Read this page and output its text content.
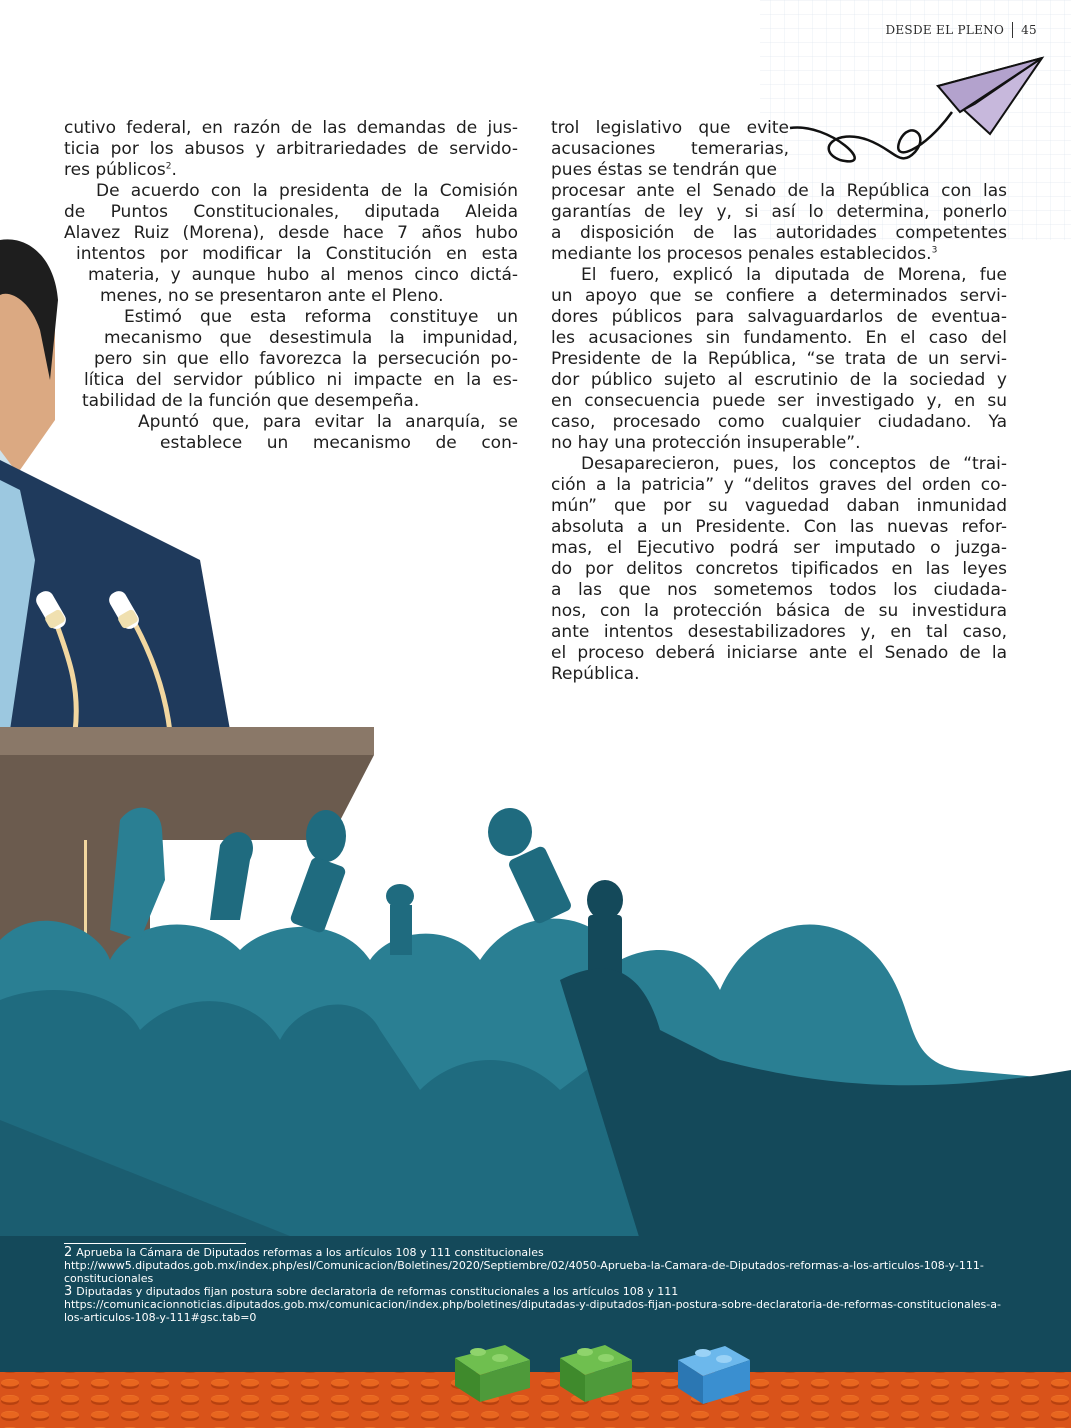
DESDE EL PLENO 45
cutivo federal, en razón de las demandas de jus-
ticia por los abusos y arbitrariedades de servido-
res públicos$^2$.
De acuerdo con la presidenta de la Comisión
de Puntos Constitucionales, diputada Aleida
Alavez Ruiz (Morena), desde hace 7 años hubo
intentos por modificar la Constitución en esta
materia, y aunque hubo al menos cinco dictá-
menes, no se presentaron ante el Pleno.
Estimó que esta reforma constituye un
mecanismo que desestimula la impunidad,
pero sin que ello favorezca la persecución po-
lítica del servidor público ni impacte en la es-
tabilidad de la función que desempeña.
Apuntó que, para evitar la anarquía, se
establece un mecanismo de con-
trol legislativo que evite
acusaciones temerarias,
pues éstas se tendrán que
procesar ante el Senado de la República con las
garantías de ley y, si así lo determina, ponerlo
a disposición de las autoridades competentes
mediante los procesos penales establecidos.$^3$
El fuero, explicó la diputada de Morena, fue
un apoyo que se confiere a determinados servi-
dores públicos para salvaguardarlos de eventua-
les acusaciones sin fundamento. En el caso del
Presidente de la República, “se trata de un servi-
dor público sujeto al escrutinio de la sociedad y
en consecuencia puede ser investigado y, en su
caso, procesado como cualquier ciudadano. Ya
no hay una protección insuperable”.
Desaparecieron, pues, los conceptos de “trai-
ción a la patricia” y “delitos graves del orden co-
mún” que por su vaguedad daban inmunidad
absoluta a un Presidente. Con las nuevas refor-
mas, el Ejecutivo podrá ser imputado o juzga-
do por delitos concretos tipificados en las leyes
a las que nos sometemos todos los ciudada-
nos, con la protección básica de su investidura
ante intentos desestabilizadores y, en tal caso,
el proceso deberá iniciarse ante el Senado de la
República.

2 Aprueba la Cámara de Diputados reformas a los artículos 108 y 111 constitucionales http://www5.diputados.gob.mx/index.php/esl/Comunicacion/Boletines/2020/Septiembre/02/4050-Aprueba-la-Camara-de-Diputados-reformas-a-los-articulos-108-y-111-constitucionales

3 Diputadas y diputados fijan postura sobre declaratoria de reformas constitucionales a los artículos 108 y 111 https://comunicacionnoticias.diputados.gob.mx/comunicacion/index.php/boletines/diputadas-y-diputados-fijan-postura-sobre-declaratoria-de-reformas-constitucionales-a-los-articulos-108-y-111#gsc.tab=0
